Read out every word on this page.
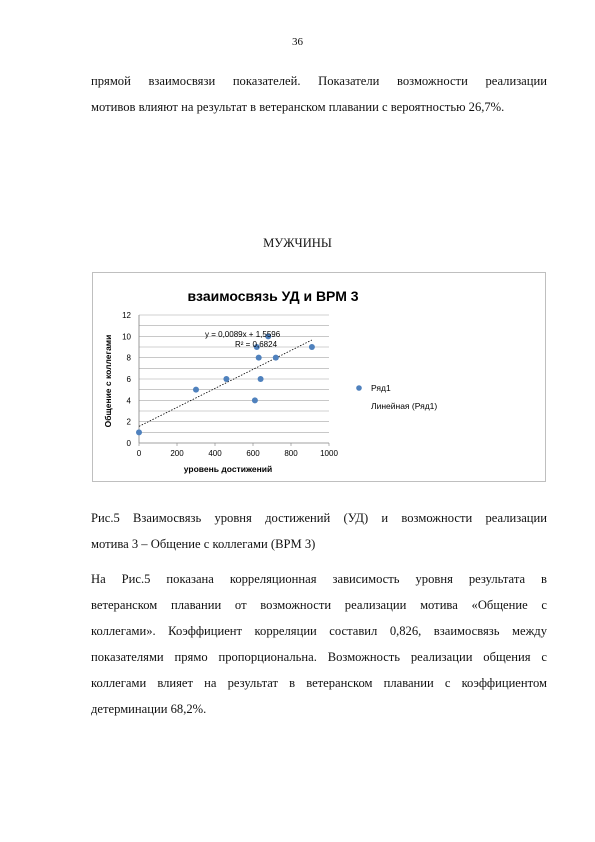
36

прямой взаимосвязи показателей. Показатели возможности реализации
мотивов влияют на результат в ветеранском плавании с вероятностью 26,7%.

МУЖЧИНЫ
взаимосвязь УД и ВРМ 3
0
2
4
6
8
10
12
0	200	400	600	800	1000
y = 0,0089x + 1,5596
R² = 0,6824
уровень достижений
Общение с коллегами	Ряд1
Линейная (Ряд1)

Рис.5 Взаимосвязь уровня достижений (УД) и возможности реализации
мотива 3 – Общение с коллегами (ВРМ 3)

На Рис.5 показана корреляционная зависимость уровня результата в
ветеранском плавании от возможности реализации мотива «Общение с
коллегами». Коэффициент корреляции составил 0,826, взаимосвязь между
показателями прямо пропорциональна. Возможность реализации общения с
коллегами влияет на результат в ветеранском плавании с коэффициентом
детерминации 68,2%.
